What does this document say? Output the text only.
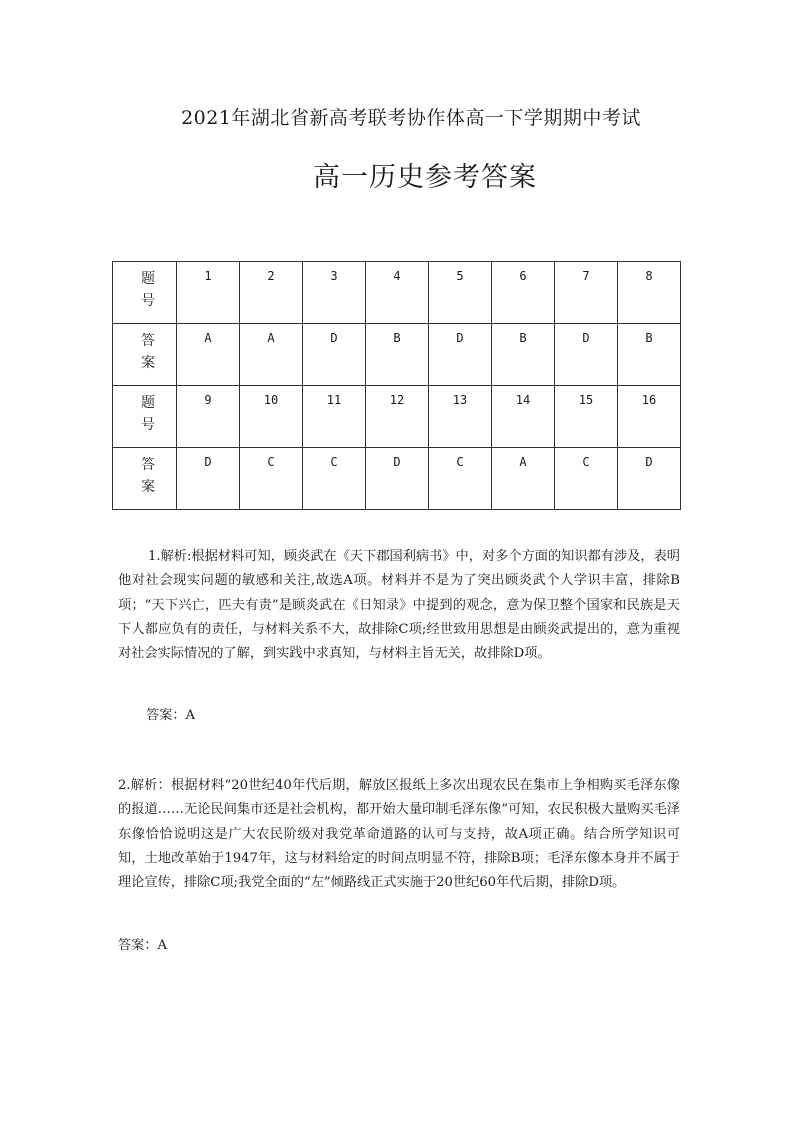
2021年湖北省新高考联考协作体高一下学期期中考试
高一历史参考答案
题号	1	2	3	4	5	6	7	8

答案	A	A	D	B	D	B	D	B

题号	9	10	11	12	13	14	15	16

答案	D	C	C	D	C	A	C	D
1.解析:根据材料可知，顾炎武在《天下郡国利病书》中，对多个方面的知识都有涉及，表明他对社会现实问题的敏感和关注,故选A项。材料并不是为了突出顾炎武个人学识丰富，排除B项；“天下兴亡，匹夫有责”是顾炎武在《日知录》中提到的观念，意为保卫整个国家和民族是天下人都应负有的责任，与材料关系不大，故排除C项;经世致用思想是由顾炎武提出的，意为重视对社会实际情况的了解，到实践中求真知，与材料主旨无关，故排除D项。
答案：A
2.解析：根据材料“20世纪40年代后期，解放区报纸上多次出现农民在集市上争相购买毛泽东像的报道……无论民间集市还是社会机构，都开始大量印制毛泽东像”可知，农民积极大量购买毛泽东像恰恰说明这是广大农民阶级对我党革命道路的认可与支持，故A项正确。结合所学知识可知，土地改革始于1947年，这与材料给定的时间点明显不符，排除B项；毛泽东像本身并不属于理论宣传，排除C项;我党全面的“左”倾路线正式实施于20世纪60年代后期，排除D项。
答案：A
